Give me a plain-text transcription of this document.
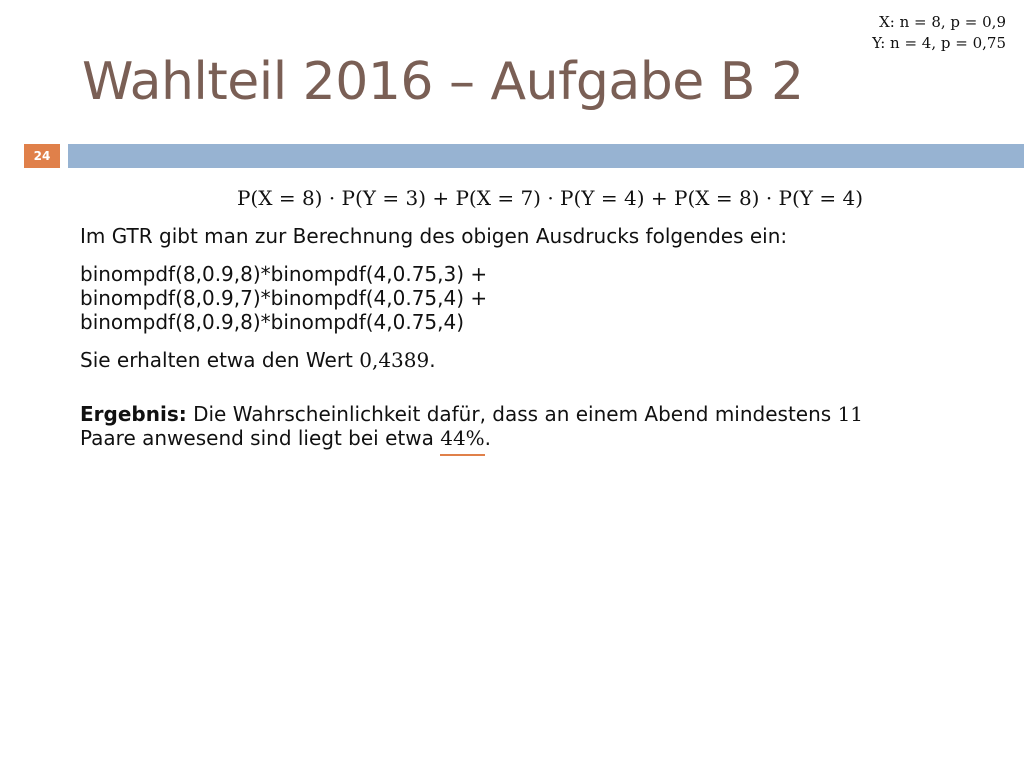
X: n = 8, p = 0,9
Y: n = 4, p = 0,75
Wahlteil 2016 – Aufgabe B 2
24
P(X = 8) · P(Y = 3) + P(X = 7) · P(Y = 4) + P(X = 8) · P(Y = 4)
Im GTR gibt man zur Berechnung des obigen Ausdrucks folgendes ein:
binompdf(8,0.9,8)*binompdf(4,0.75,3) +
binompdf(8,0.9,7)*binompdf(4,0.75,4) +
binompdf(8,0.9,8)*binompdf(4,0.75,4)
Sie erhalten etwa den Wert 0,4389.
Ergebnis: Die Wahrscheinlichkeit dafür, dass an einem Abend mindestens 11
Paare anwesend sind liegt bei etwa 44%.
